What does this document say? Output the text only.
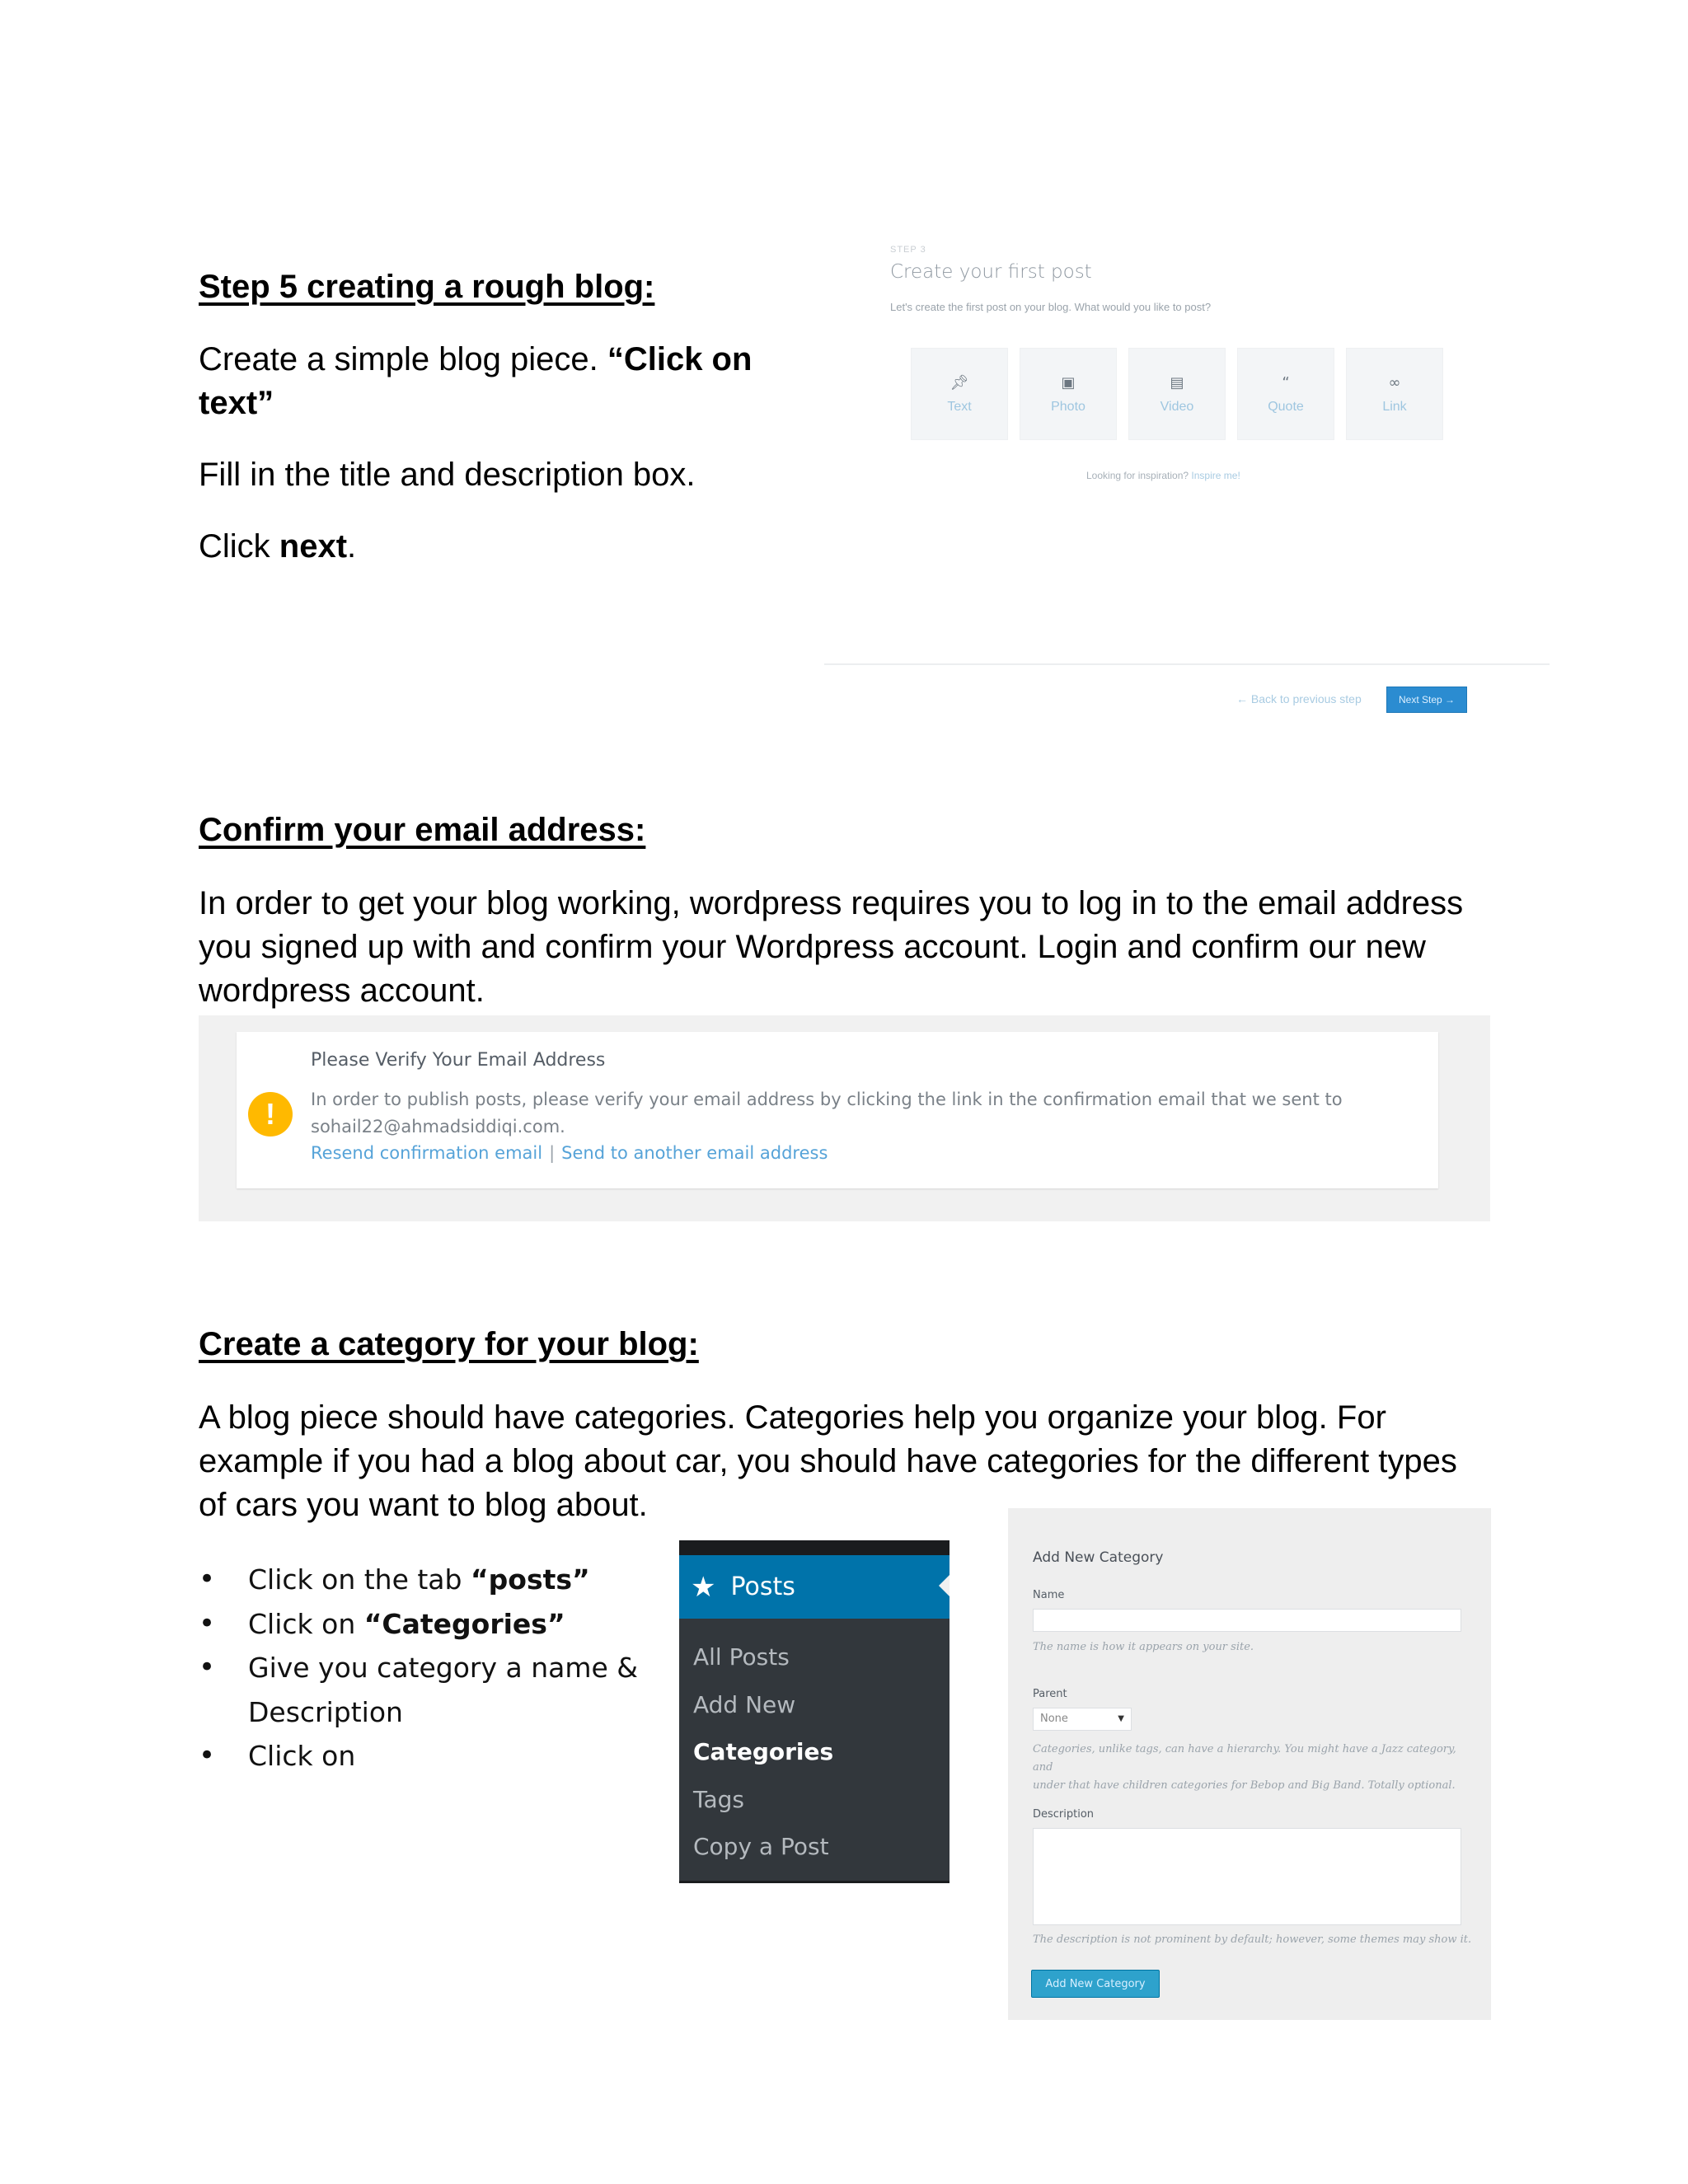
Step 5 creating a rough blog:
Create a simple blog piece. “Click on
text”
Fill in the title and description box.
Click next.
STEP 3
Create your first post
Let's create the first post on your blog. What would you like to post?
📌︎
Text
▣
Photo
▤
Video
“
Quote
∞
Link
Looking for inspiration? Inspire me!
← Back to previous step	Next Step →
Confirm your email address:
In order to get your blog working, wordpress requires you to log in to the email address
you signed up with and confirm your Wordpress account. Login and confirm our new
wordpress account.
!
Please Verify Your Email Address
In order to publish posts, please verify your email address by clicking the link in the confirmation email that we sent to
sohail22@ahmadsiddiqi.com.
Resend confirmation email | Send to another email address
Create a category for your blog:
A blog piece should have categories. Categories help you organize your blog. For
example if you had a blog about car, you should have categories for the different types
of cars you want to blog about.
• Click on the tab “posts”
• Click on “Categories”
• Give you category a name &
Description
• Click on
★ Posts
All Posts
Add New
Categories
Tags
Copy a Post
Add New Category
Name
The name is how it appears on your site.
Parent
None	▼
Categories, unlike tags, can have a hierarchy. You might have a Jazz category, and
under that have children categories for Bebop and Big Band. Totally optional.
Description
The description is not prominent by default; however, some themes may show it.
Add New Category
